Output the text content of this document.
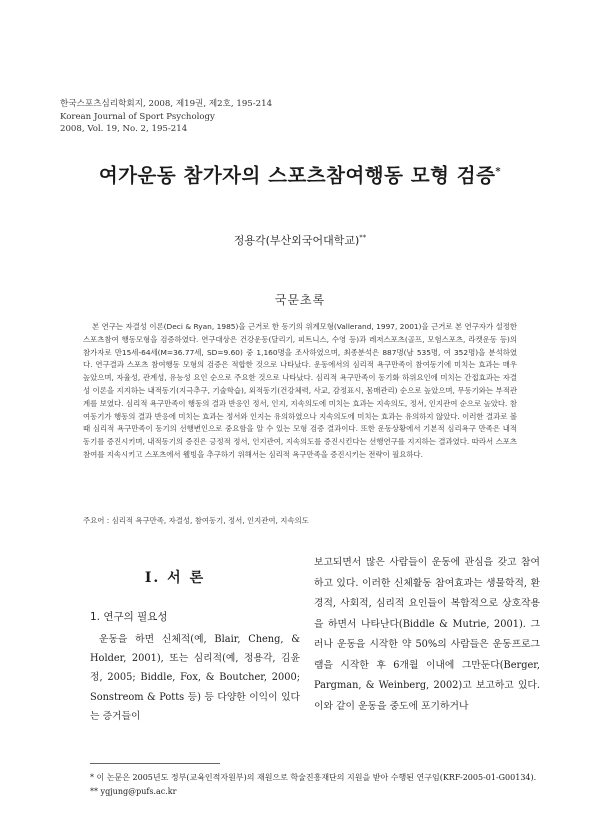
한국스포츠심리학회지, 2008, 제19권, 제2호, 195-214
Korean Journal of Sport Psychology
2008, Vol. 19, No. 2, 195-214
여가운동 참가자의 스포츠참여행동 모형 검증*
정용각(부산외국어대학교)**
국문초록
본 연구는 자결성 이론(Deci & Ryan, 1985)을 근거로 한 동기의 위계모형(Vallerand, 1997, 2001)을 근거로 본 연구자가 설정한 스포츠참여 행동모형을 검증하였다. 연구대상은 건강운동(달리기, 피트니스, 수영 등)과 레저스포츠(골프, 모험스포츠, 라켓운동 등)의 참가자로 만15세-64세(M=36.77세, SD=9.60) 중 1,160명을 조사하였으며, 최종분석은 887명(남 535명, 여 352명)을 분석하였다. 연구결과 스포츠 참여행동 모형의 검증은 적합한 것으로 나타났다. 운동에서의 심리적 욕구만족이 참여동기에 미치는 효과는 매우 높았으며, 자율성, 관계성, 유능성 요인 순으로 주요한 것으로 나타났다. 심리적 욕구만족이 동기화 하위요인에 미치는 간접효과는 자결성 이론을 지지하는 내적동기(지극추구, 기술학습), 외적동기(건강체력, 사교, 감정표시, 몸매관리) 순으로 높았으며, 무동기와는 부적관계를 보였다. 심리적 욕구만족이 행동의 결과 반응인 정서, 인지, 지속의도에 미치는 효과는 지속의도, 정서, 인지관여 순으로 높았다. 참여동기가 행동의 결과 반응에 미치는 효과는 정서와 인지는 유의하였으나 지속의도에 미치는 효과는 유의하지 않았다. 이러한 결과로 볼 때 심리적 욕구만족이 동기의 선행변인으로 중요함을 알 수 있는 모형 검증 결과이다. 또한 운동상황에서 기본적 심리욕구 만족은 내적동기를 증진시키며, 내적동기의 증진은 긍정적 정서, 인지관여, 지속의도를 증진시킨다는 선행연구를 지지하는 결과였다. 따라서 스포츠 참여를 지속시키고 스포츠에서 웰빙을 추구하기 위해서는 심리적 욕구만족을 증진시키는 전략이 필요하다.
주요어 : 심리적 욕구만족, 자결성, 참여동기, 정서, 인지관여, 지속의도
I. 서 론
1. 연구의 필요성
운동을 하면 신체적(예, Blair, Cheng, & Holder, 2001), 또는 심리적(예, 정용각, 김윤정, 2005; Biddle, Fox, & Boutcher, 2000; Sonstreom & Potts 등) 등 다양한 이익이 있다는 증거들이
보고되면서 많은 사람들이 운동에 관심을 갖고 참여하고 있다. 이러한 신체활동 참여효과는 생물학적, 환경적, 사회적, 심리적 요인들이 복합적으로 상호작용을 하면서 나타난다(Biddle & Mutrie, 2001). 그러나 운동을 시작한 약 50%의 사람들은 운동프로그램을 시작한 후 6개월 이내에 그만둔다(Berger, Pargman, & Weinberg, 2002)고 보고하고 있다. 이와 같이 운동을 중도에 포기하거나
* 이 논문은 2005년도 정부(교육인적자원부)의 재원으로 학술진흥재단의 지원을 받아 수행된 연구임(KRF-2005-01-G00134).
** ygjung@pufs.ac.kr
